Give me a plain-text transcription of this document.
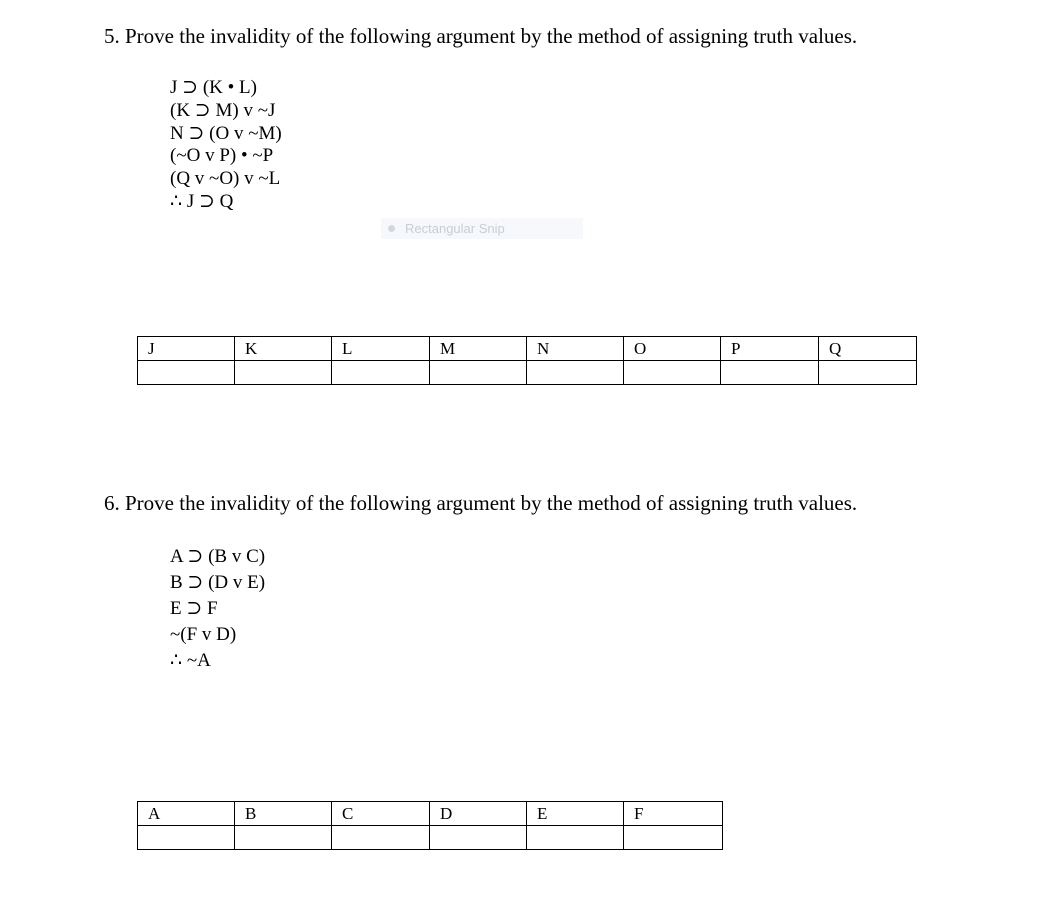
5. Prove the invalidity of the following argument by the method of assigning truth values.
J ⊃ (K • L)
(K ⊃ M) v ~J
N ⊃ (O v ~M)
(~O v P) • ~P
(Q v ~O) v ~L
∴ J ⊃ Q
Rectangular Snip
J	K	L	M	N	O	P	Q

6. Prove the invalidity of the following argument by the method of assigning truth values.
A ⊃ (B v C)
B ⊃ (D v E)
E ⊃ F
~(F v D)
∴ ~A
A	B	C	D	E	F
